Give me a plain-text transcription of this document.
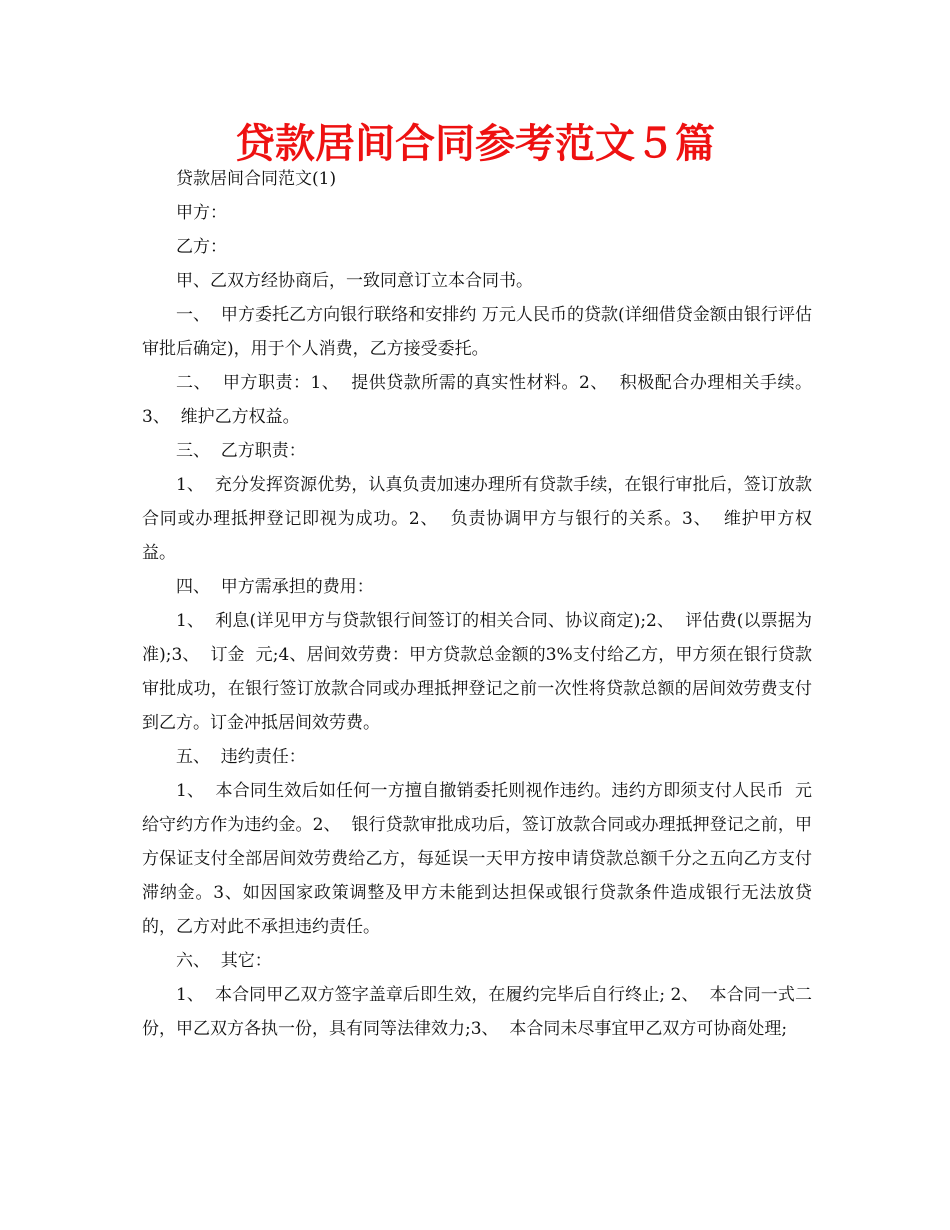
贷款居间合同参考范文５篇

贷款居间合同范文(1)

甲方：

乙方：

甲、乙双方经协商后，一致同意订立本合同书。

一、  甲方委托乙方向银行联络和安排约 万元人民币的贷款(详细借贷金额由银行评估审批后确定)，用于个人消费，乙方接受委托。

二、  甲方职责：1、  提供贷款所需的真实性材料。2、  积极配合办理相关手续。3、  维护乙方权益。

三、  乙方职责：

1、  充分发挥资源优势，认真负责加速办理所有贷款手续，在银行审批后，签订放款合同或办理抵押登记即视为成功。2、  负责协调甲方与银行的关系。3、  维护甲方权益。

四、  甲方需承担的费用：

1、  利息(详见甲方与贷款银行间签订的相关合同、协议商定);2、  评估费(以票据为准);3、  订金  元;4、居间效劳费：甲方贷款总金额的3%支付给乙方，甲方须在银行贷款审批成功，在银行签订放款合同或办理抵押登记之前一次性将贷款总额的居间效劳费支付到乙方。订金冲抵居间效劳费。

五、  违约责任：

1、  本合同生效后如任何一方擅自撤销委托则视作违约。违约方即须支付人民币  元给守约方作为违约金。2、  银行贷款审批成功后，签订放款合同或办理抵押登记之前，甲方保证支付全部居间效劳费给乙方，每延误一天甲方按申请贷款总额千分之五向乙方支付滞纳金。3、如因国家政策调整及甲方未能到达担保或银行贷款条件造成银行无法放贷的，乙方对此不承担违约责任。

六、  其它：

1、  本合同甲乙双方签字盖章后即生效，在履约完毕后自行终止; 2、  本合同一式二份，甲乙双方各执一份，具有同等法律效力;3、  本合同未尽事宜甲乙双方可协商处理;
